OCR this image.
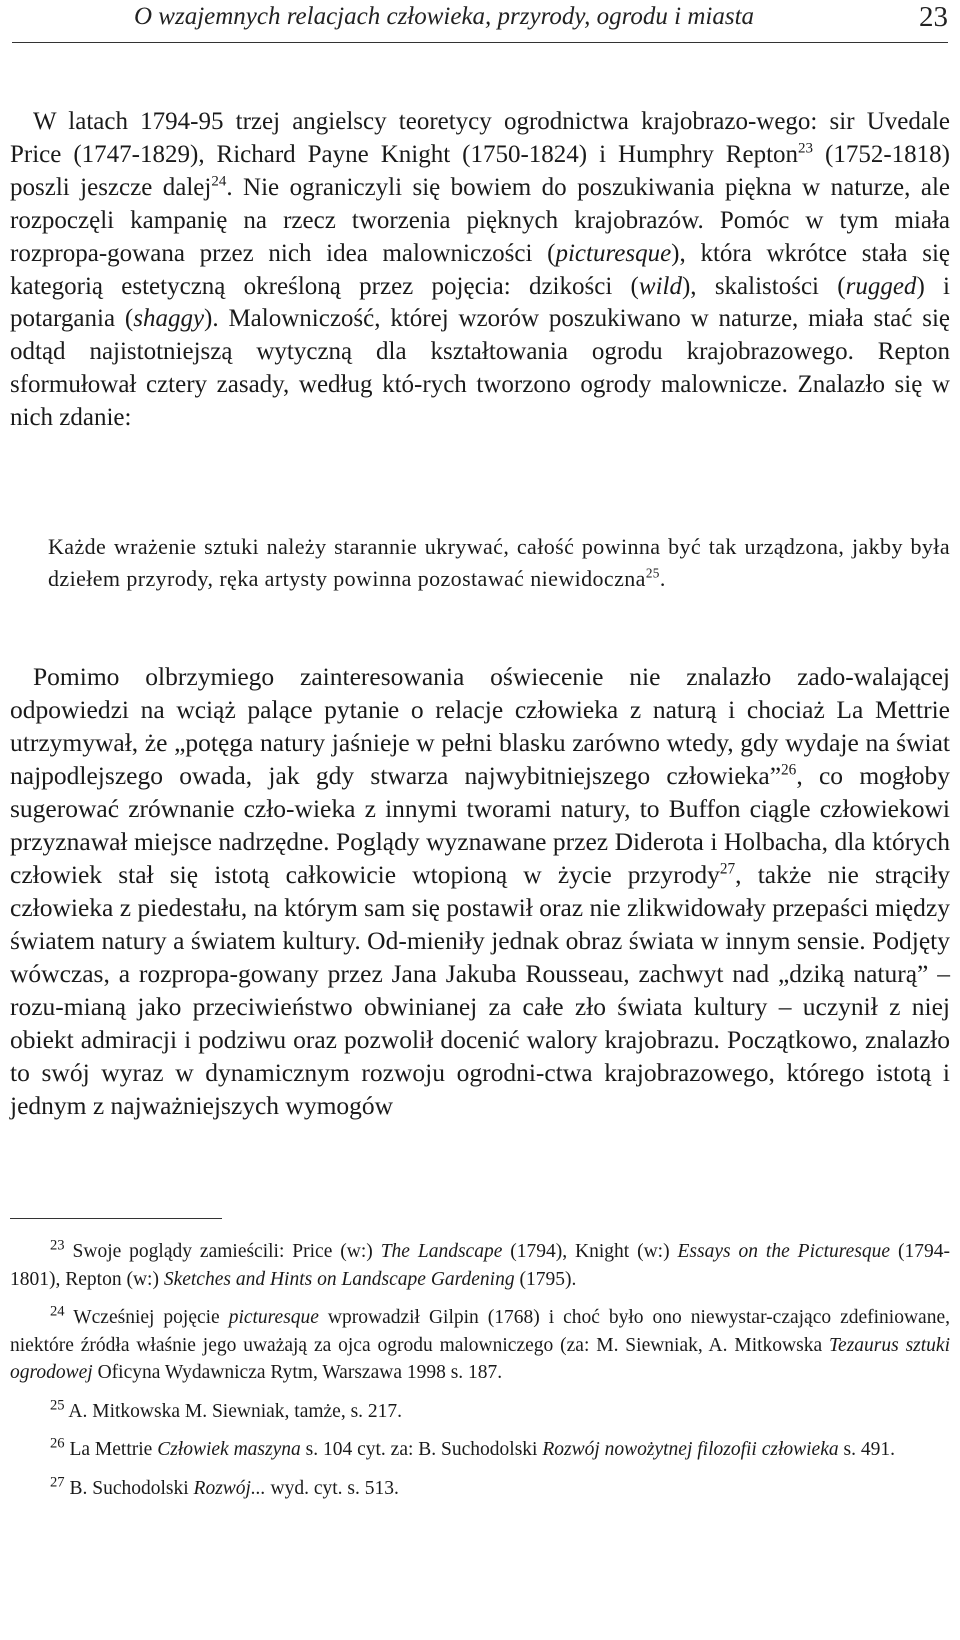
O wzajemnych relacjach człowieka, przyrody, ogrodu i miasta	23

W latach 1794-95 trzej angielscy teoretycy ogrodnictwa krajobrazo-wego: sir Uvedale Price (1747-1829), Richard Payne Knight (1750-1824) i Humphry Repton$^{23}$ (1752-1818) poszli jeszcze dalej$^{24}$. Nie ograniczyli się bowiem do poszukiwania piękna w naturze, ale rozpoczęli kampanię na rzecz tworzenia pięknych krajobrazów. Pomóc w tym miała rozpropa-gowana przez nich idea malowniczości (picturesque), która wkrótce stała się kategorią estetyczną określoną przez pojęcia: dzikości (wild), skalistości (rugged) i potargania (shaggy). Malowniczość, której wzorów poszukiwano w naturze, miała stać się odtąd najistotniejszą wytyczną dla kształtowania ogrodu krajobrazowego. Repton sformułował cztery zasady, według któ-rych tworzono ogrody malownicze. Znalazło się w nich zdanie:

Każde wrażenie sztuki należy starannie ukrywać, całość powinna być tak urządzona, jakby była dziełem przyrody, ręka artysty powinna pozostawać niewidoczna$^{25}$.

Pomimo olbrzymiego zainteresowania oświecenie nie znalazło zado-walającej odpowiedzi na wciąż palące pytanie o relacje człowieka z naturą i chociaż La Mettrie utrzymywał, że „potęga natury jaśnieje w pełni blasku zarówno wtedy, gdy wydaje na świat najpodlejszego owada, jak gdy stwarza najwybitniejszego człowieka”$^{26}$, co mogłoby sugerować zrównanie czło-wieka z innymi tworami natury, to Buffon ciągle człowiekowi przyznawał miejsce nadrzędne. Poglądy wyznawane przez Diderota i Holbacha, dla których człowiek stał się istotą całkowicie wtopioną w życie przyrody$^{27}$, także nie strąciły człowieka z piedestału, na którym sam się postawił oraz nie zlikwidowały przepaści między światem natury a światem kultury. Od-mieniły jednak obraz świata w innym sensie. Podjęty wówczas, a rozpropa-gowany przez Jana Jakuba Rousseau, zachwyt nad „dziką naturą” – rozu-mianą jako przeciwieństwo obwinianej za całe zło świata kultury – uczynił z niej obiekt admiracji i podziwu oraz pozwolił docenić walory krajobrazu. Początkowo, znalazło to swój wyraz w dynamicznym rozwoju ogrodni-ctwa krajobrazowego, którego istotą i jednym z najważniejszych wymogów

$^{23}$ Swoje poglądy zamieścili: Price (w:) The Landscape (1794), Knight (w:) Essays on the Picturesque (1794-1801), Repton (w:) Sketches and Hints on Landscape Gardening (1795).

$^{24}$ Wcześniej pojęcie picturesque wprowadził Gilpin (1768) i choć było ono niewystar-czająco zdefiniowane, niektóre źródła właśnie jego uważają za ojca ogrodu malowniczego (za: M. Siewniak, A. Mitkowska Tezaurus sztuki ogrodowej Oficyna Wydawnicza Rytm, Warszawa 1998 s. 187.

$^{25}$ A. Mitkowska M. Siewniak, tamże, s. 217.

$^{26}$ La Mettrie Człowiek maszyna s. 104 cyt. za: B. Suchodolski Rozwój nowożytnej filozofii człowieka s. 491.

$^{27}$ B. Suchodolski Rozwój... wyd. cyt. s. 513.
